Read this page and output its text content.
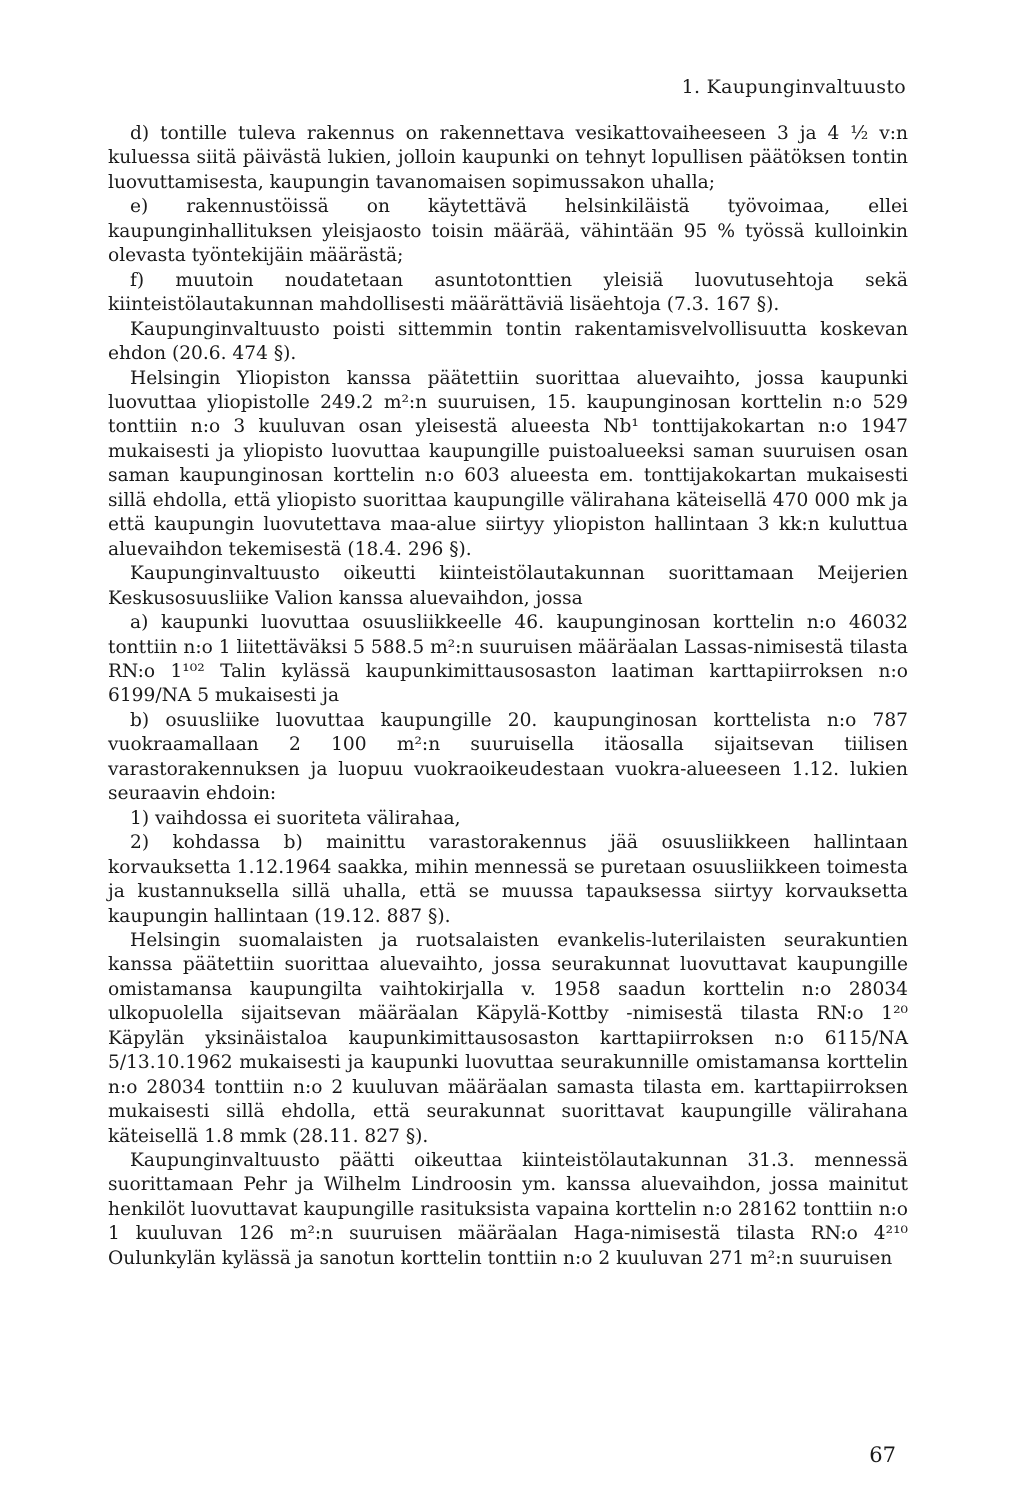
1. Kaupunginvaltuusto

d) tontille tuleva rakennus on rakennettava vesikattovaiheeseen 3 ja 4 ½ v:n kuluessa siitä päivästä lukien, jolloin kaupunki on tehnyt lopullisen päätöksen tontin luovuttamisesta, kaupungin tavanomaisen sopimussakon uhalla;

e) rakennustöissä on käytettävä helsinkiläistä työvoimaa, ellei kaupunginhallituksen yleisjaosto toisin määrää, vähintään 95 % työssä kulloinkin olevasta työntekijäin määrästä;

f) muutoin noudatetaan asuntotonttien yleisiä luovutusehtoja sekä kiinteistölautakunnan mahdollisesti määrättäviä lisäehtoja (7.3. 167 §).

Kaupunginvaltuusto poisti sittemmin tontin rakentamisvelvollisuutta koskevan ehdon (20.6. 474 §).

Helsingin Yliopiston kanssa päätettiin suorittaa aluevaihto, jossa kaupunki luovuttaa yliopistolle 249.2 m²:n suuruisen, 15. kaupunginosan korttelin n:o 529 tonttiin n:o 3 kuuluvan osan yleisestä alueesta Nb¹ tonttijakokartan n:o 1947 mukaisesti ja yliopisto luovuttaa kaupungille puistoalueeksi saman suuruisen osan saman kaupunginosan korttelin n:o 603 alueesta em. tonttijakokartan mukaisesti sillä ehdolla, että yliopisto suorittaa kaupungille välirahana käteisellä 470 000 mk ja että kaupungin luovutettava maa-alue siirtyy yliopiston hallintaan 3 kk:n kuluttua aluevaihdon tekemisestä (18.4. 296 §).

Kaupunginvaltuusto oikeutti kiinteistölautakunnan suorittamaan Meijerien Keskusosuusliike Valion kanssa aluevaihdon, jossa

a) kaupunki luovuttaa osuusliikkeelle 46. kaupunginosan korttelin n:o 46032 tonttiin n:o 1 liitettäväksi 5 588.5 m²:n suuruisen määräalan Lassas-nimisestä tilasta RN:o 1¹⁰² Talin kylässä kaupunkimittausosaston laatiman karttapiirroksen n:o 6199/NA 5 mukaisesti ja

b) osuusliike luovuttaa kaupungille 20. kaupunginosan korttelista n:o 787 vuokraamallaan 2 100 m²:n suuruisella itäosalla sijaitsevan tiilisen varastorakennuksen ja luopuu vuokraoikeudestaan vuokra-alueeseen 1.12. lukien seuraavin ehdoin:

1) vaihdossa ei suoriteta välirahaa,

2) kohdassa b) mainittu varastorakennus jää osuusliikkeen hallintaan korvauksetta 1.12.1964 saakka, mihin mennessä se puretaan osuusliikkeen toimesta ja kustannuksella sillä uhalla, että se muussa tapauksessa siirtyy korvauksetta kaupungin hallintaan (19.12. 887 §).

Helsingin suomalaisten ja ruotsalaisten evankelis-luterilaisten seurakuntien kanssa päätettiin suorittaa aluevaihto, jossa seurakunnat luovuttavat kaupungille omistamansa kaupungilta vaihtokirjalla v. 1958 saadun korttelin n:o 28034 ulkopuolella sijaitsevan määräalan Käpylä-Kottby -nimisestä tilasta RN:o 1²⁰ Käpylän yksinäistaloa kaupunkimittausosaston karttapiirroksen n:o 6115/NA 5/13.10.1962 mukaisesti ja kaupunki luovuttaa seurakunnille omistamansa korttelin n:o 28034 tonttiin n:o 2 kuuluvan määräalan samasta tilasta em. karttapiirroksen mukaisesti sillä ehdolla, että seurakunnat suorittavat kaupungille välirahana käteisellä 1.8 mmk (28.11. 827 §).

Kaupunginvaltuusto päätti oikeuttaa kiinteistölautakunnan 31.3. mennessä suorittamaan Pehr ja Wilhelm Lindroosin ym. kanssa aluevaihdon, jossa mainitut henkilöt luovuttavat kaupungille rasituksista vapaina korttelin n:o 28162 tonttiin n:o 1 kuuluvan 126 m²:n suuruisen määräalan Haga-nimisestä tilasta RN:o 4²¹⁰ Oulunkylän kylässä ja sanotun korttelin tonttiin n:o 2 kuuluvan 271 m²:n suuruisen

67
